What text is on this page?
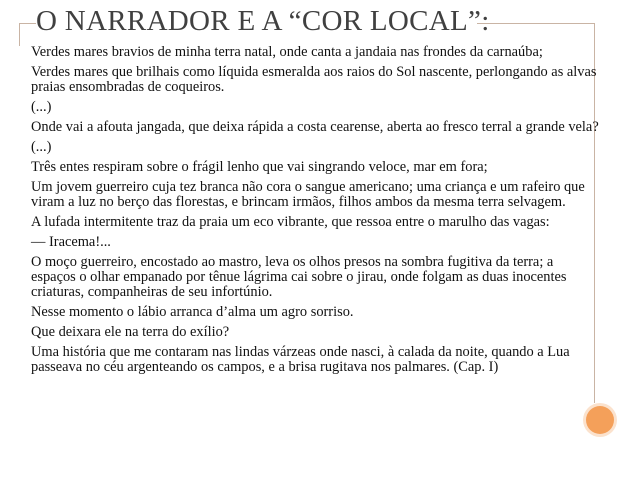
O NARRADOR E A “COR LOCAL”:

Verdes mares bravios de minha terra natal, onde canta a jandaia nas frondes da carnaúba;

Verdes mares que brilhais como líquida esmeralda aos raios do Sol nascente, perlongando as alvas praias ensombradas de coqueiros.

(...)

Onde vai a afouta jangada, que deixa rápida a costa cearense, aberta ao fresco terral a grande vela?

(...)

Três entes respiram sobre o frágil lenho que vai singrando veloce, mar em fora;

Um jovem guerreiro cuja tez branca não cora o sangue americano; uma criança e um rafeiro que viram a luz no berço das florestas, e brincam irmãos, filhos ambos da mesma terra selvagem.

A lufada intermitente traz da praia um eco vibrante, que ressoa entre o marulho das vagas:

— Iracema!...

O moço guerreiro, encostado ao mastro, leva os olhos presos na sombra fugitiva da terra; a espaços o olhar empanado por tênue lágrima cai sobre o jirau, onde folgam as duas inocentes criaturas, companheiras de seu infortúnio.

Nesse momento o lábio arranca d’alma um agro sorriso.

Que deixara ele na terra do exílio?

Uma história que me contaram nas lindas várzeas onde nasci, à calada da noite, quando a Lua passeava no céu argenteando os campos, e a brisa rugitava nos palmares. (Cap. I)
